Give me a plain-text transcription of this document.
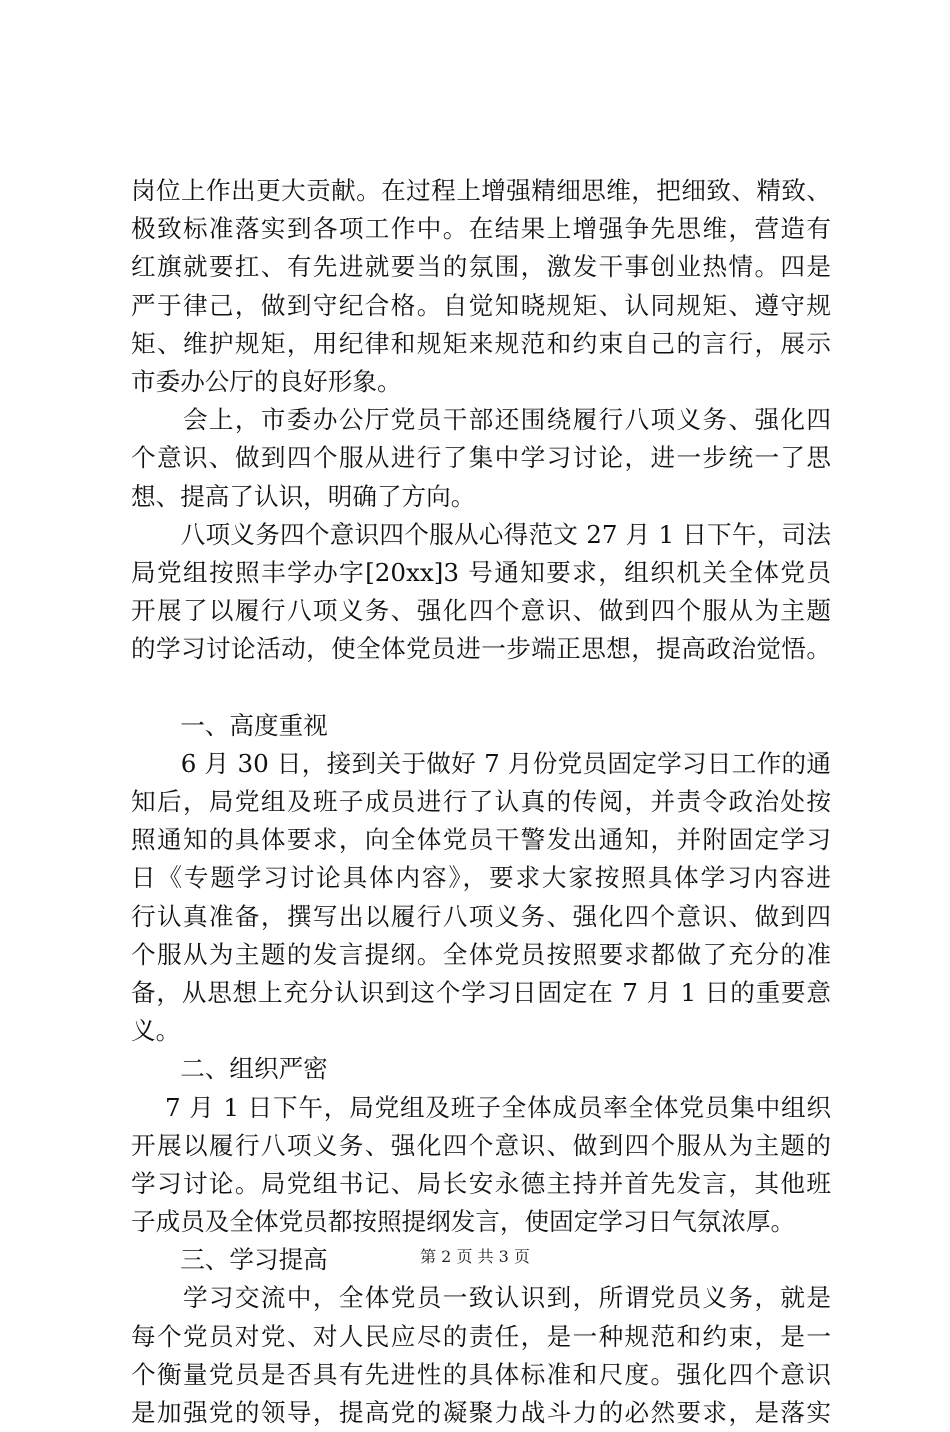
岗位上作出更大贡献。在过程上增强精细思维，把细致、精致、
极致标准落实到各项工作中。在结果上增强争先思维，营造有
红旗就要扛、有先进就要当的氛围，激发干事创业热情。四是
严于律己，做到守纪合格。自觉知晓规矩、认同规矩、遵守规
矩、维护规矩，用纪律和规矩来规范和约束自己的言行，展示
市委办公厅的良好形象。
　　会上，市委办公厅党员干部还围绕履行八项义务、强化四
个意识、做到四个服从进行了集中学习讨论，进一步统一了思
想、提高了认识，明确了方向。
　　八项义务四个意识四个服从心得范文 27 月 1 日下午，司法
局党组按照丰学办字[20xx]3 号通知要求，组织机关全体党员
开展了以履行八项义务、强化四个意识、做到四个服从为主题
的学习讨论活动，使全体党员进一步端正思想，提高政治觉悟。
　　一、高度重视
　　6 月 30 日，接到关于做好 7 月份党员固定学习日工作的通
知后，局党组及班子成员进行了认真的传阅，并责令政治处按
照通知的具体要求，向全体党员干警发出通知，并附固定学习
日《专题学习讨论具体内容》，要求大家按照具体学习内容进
行认真准备，撰写出以履行八项义务、强化四个意识、做到四
个服从为主题的发言提纲。全体党员按照要求都做了充分的准
备，从思想上充分认识到这个学习日固定在 7 月 1 日的重要意
义。
　　二、组织严密
　 7 月 1 日下午，局党组及班子全体成员率全体党员集中组织
开展以履行八项义务、强化四个意识、做到四个服从为主题的
学习讨论。局党组书记、局长安永德主持并首先发言，其他班
子成员及全体党员都按照提纲发言，使固定学习日气氛浓厚。
　　三、学习提高
　　学习交流中，全体党员一致认识到，所谓党员义务，就是
每个党员对党、对人民应尽的责任，是一种规范和约束，是一
个衡量党员是否具有先进性的具体标准和尺度。强化四个意识
是加强党的领导，提高党的凝聚力战斗力的必然要求，是落实
第 2 页 共 3 页
